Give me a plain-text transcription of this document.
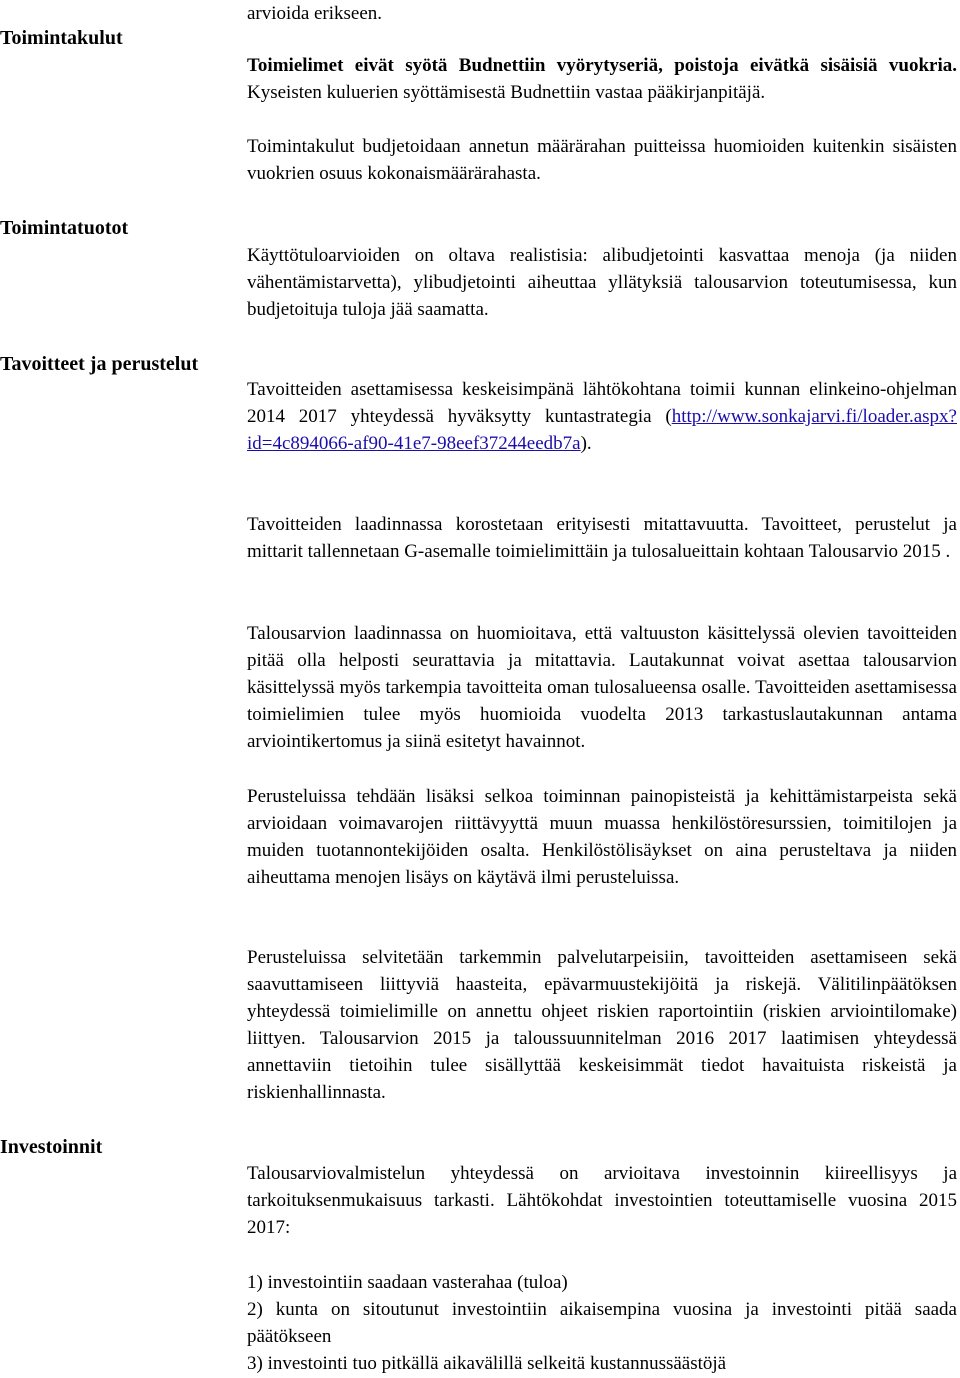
Toimintakulut
Toimintatuotot
Tavoitteet ja perustelut
Investoinnit

arvioida erikseen.

Toimielimet eivät syötä Budnettiin vyörytyseriä, poistoja eivätkä sisäisiä vuokria. Kyseisten kuluerien syöttämisestä Budnettiin vastaa pääkirjanpitäjä.

Toimintakulut budjetoidaan annetun määrärahan puitteissa huomioiden kuitenkin sisäisten vuokrien osuus kokonaismäärärahasta.

Käyttötuloarvioiden on oltava realistisia: alibudjetointi kasvattaa menoja (ja niiden vähentämistarvetta), ylibudjetointi aiheuttaa yllätyksiä talousarvion toteutumisessa, kun budjetoituja tuloja jää saamatta.

Tavoitteiden asettamisessa keskeisimpänä lähtökohtana toimii kunnan elinkeino-ohjelman 2014 2017 yhteydessä hyväksytty kuntastrategia (http://www.sonkajarvi.fi/loader.aspx?id=4c894066-af90-41e7-98eef37244eedb7a).

Tavoitteiden laadinnassa korostetaan erityisesti mitattavuutta. Tavoitteet, perustelut ja mittarit tallennetaan G-asemalle toimielimittäin ja tulosalueittain kohtaan Talousarvio 2015 .

Talousarvion laadinnassa on huomioitava, että valtuuston käsittelyssä olevien tavoitteiden pitää olla helposti seurattavia ja mitattavia. Lautakunnat voivat asettaa talousarvion käsittelyssä myös tarkempia tavoitteita oman tulosalueensa osalle. Tavoitteiden asettamisessa toimielimien tulee myös huomioida vuodelta 2013 tarkastuslautakunnan antama arviointikertomus ja siinä esitetyt havainnot.

Perusteluissa tehdään lisäksi selkoa toiminnan painopisteistä ja kehittämistarpeista sekä arvioidaan voimavarojen riittävyyttä muun muassa henkilöstöresurssien, toimitilojen ja muiden tuotannontekijöiden osalta. Henkilöstölisäykset on aina perusteltava ja niiden aiheuttama menojen lisäys on käytävä ilmi perusteluissa.

Perusteluissa selvitetään tarkemmin palvelutarpeisiin, tavoitteiden asettamiseen sekä saavuttamiseen liittyviä haasteita, epävarmuustekijöitä ja riskejä. Välitilinpäätöksen yhteydessä toimielimille on annettu ohjeet riskien raportointiin (riskien arviointilomake) liittyen. Talousarvion 2015 ja taloussuunnitelman 2016 2017 laatimisen yhteydessä annettaviin tietoihin tulee sisällyttää keskeisimmät tiedot havaituista riskeistä ja riskienhallinnasta.

Talousarviovalmistelun yhteydessä on arvioitava investoinnin kiireellisyys ja tarkoituksenmukaisuus tarkasti. Lähtökohdat investointien toteuttamiselle vuosina 2015 2017:

1) investointiin saadaan vasterahaa (tuloa)

2) kunta on sitoutunut investointiin aikaisempina vuosina ja investointi pitää saada päätökseen

3) investointi tuo pitkällä aikavälillä selkeitä kustannussäästöjä
